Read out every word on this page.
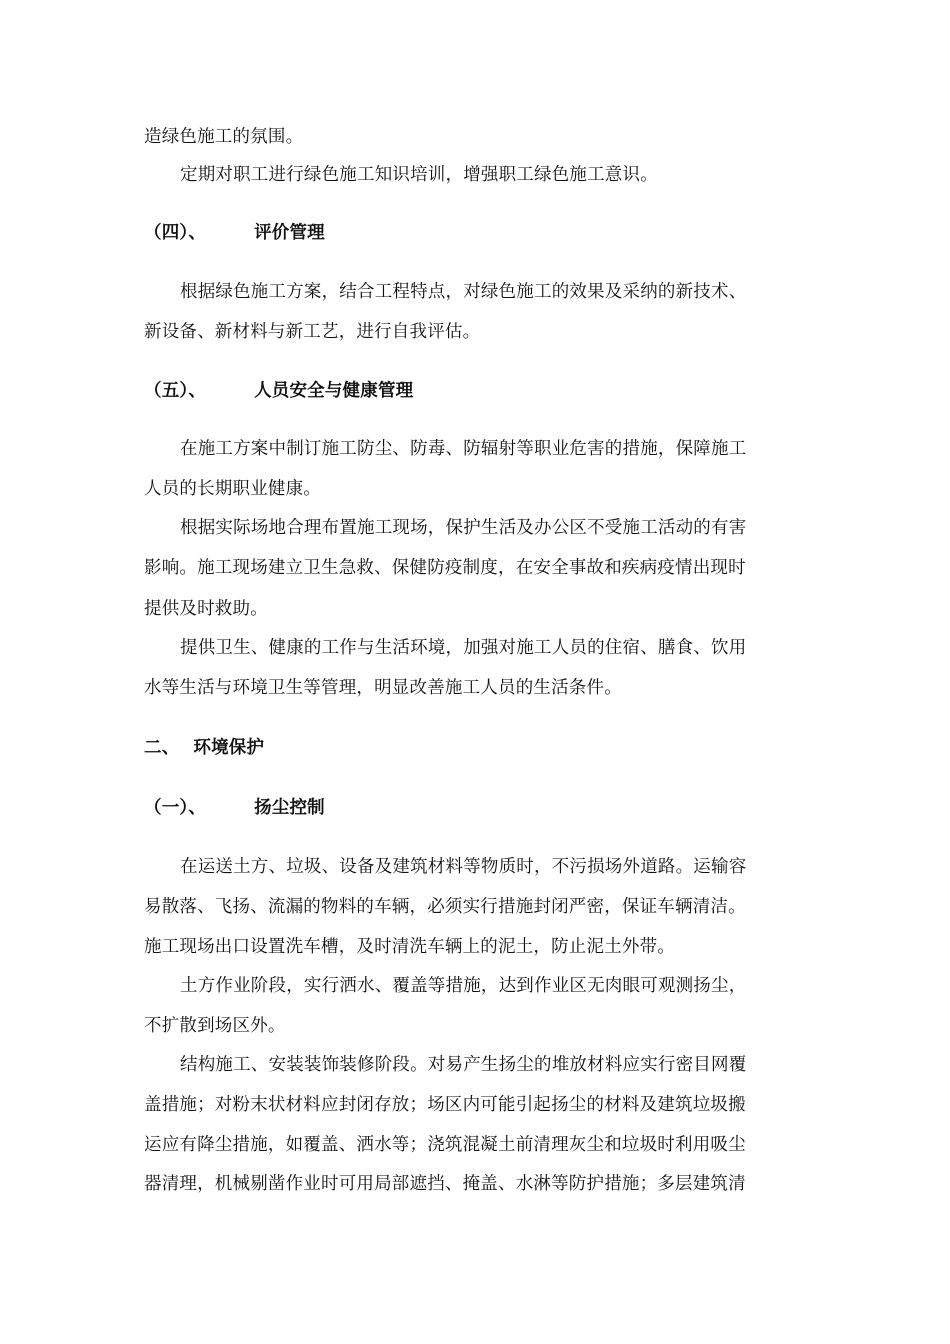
造绿色施工的氛围。
定期对职工进行绿色施工知识培训，增强职工绿色施工意识。
（四）、	评价管理
根据绿色施工方案，结合工程特点，对绿色施工的效果及采纳的新技术、
新设备、新材料与新工艺，进行自我评估。
（五）、	人员安全与健康管理
在施工方案中制订施工防尘、防毒、防辐射等职业危害的措施，保障施工
人员的长期职业健康。
根据实际场地合理布置施工现场，保护生活及办公区不受施工活动的有害
影响。施工现场建立卫生急救、保健防疫制度，在安全事故和疾病疫情出现时
提供及时救助。
提供卫生、健康的工作与生活环境，加强对施工人员的住宿、膳食、饮用
水等生活与环境卫生等管理，明显改善施工人员的生活条件。
二、 环境保护
（一）、	扬尘控制
在运送土方、垃圾、设备及建筑材料等物质时，不污损场外道路。运输容
易散落、飞扬、流漏的物料的车辆，必须实行措施封闭严密，保证车辆清洁。
施工现场出口设置洗车槽，及时清洗车辆上的泥土，防止泥土外带。
土方作业阶段，实行洒水、覆盖等措施，达到作业区无肉眼可观测扬尘，
不扩散到场区外。
结构施工、安装装饰装修阶段。对易产生扬尘的堆放材料应实行密目网覆
盖措施；对粉末状材料应封闭存放；场区内可能引起扬尘的材料及建筑垃圾搬
运应有降尘措施，如覆盖、洒水等；浇筑混凝土前清理灰尘和垃圾时利用吸尘
器清理，机械剔凿作业时可用局部遮挡、掩盖、水淋等防护措施；多层建筑清
